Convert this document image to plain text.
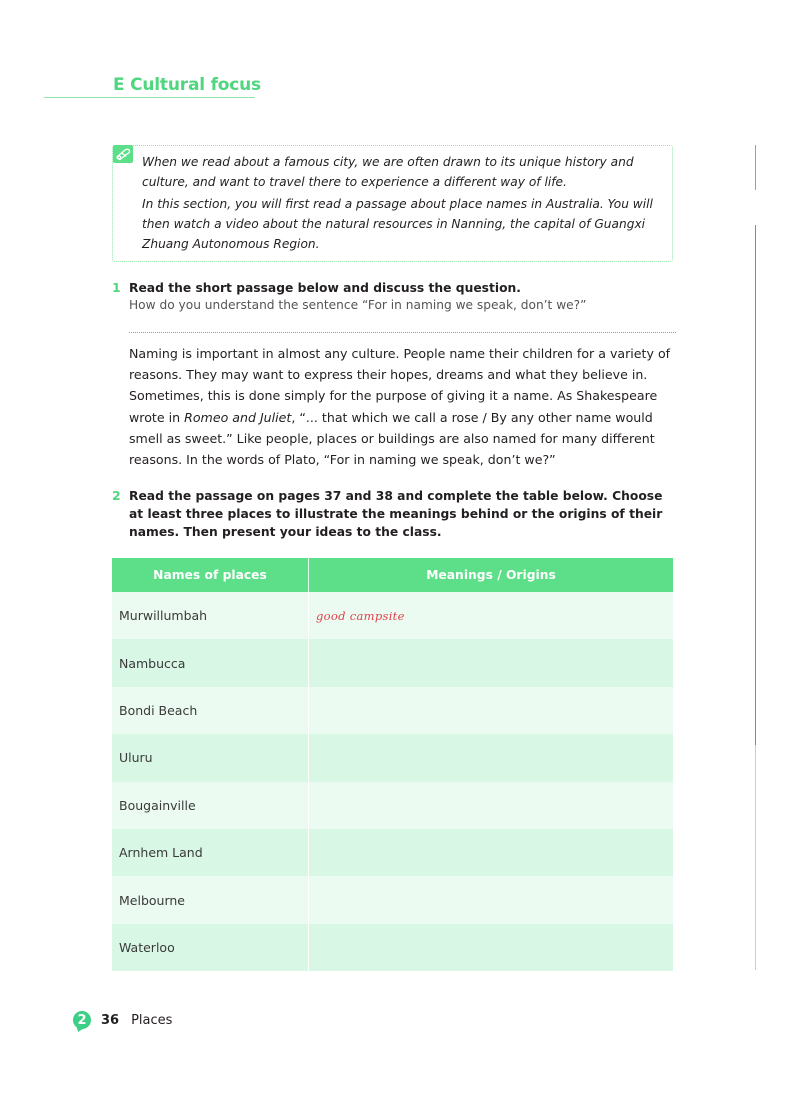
E Cultural focus

When we read about a famous city, we are often drawn to its unique history and culture, and want to travel there to experience a different way of life.

In this section, you will first read a passage about place names in Australia. You will then watch a video about the natural resources in Nanning, the capital of Guangxi Zhuang Autonomous Region.

1 Read the short passage below and discuss the question.
How do you understand the sentence “For in naming we speak, don’t we?”

Naming is important in almost any culture. People name their children for a variety of reasons. They may want to express their hopes, dreams and what they believe in. Sometimes, this is done simply for the purpose of giving it a name. As Shakespeare wrote in Romeo and Juliet, “... that which we call a rose / By any other name would smell as sweet.” Like people, places or buildings are also named for many different reasons. In the words of Plato, “For in naming we speak, don’t we?”

2 Read the passage on pages 37 and 38 and complete the table below. Choose at least three places to illustrate the meanings behind or the origins of their names. Then present your ideas to the class.
Names of places	Meanings / Origins
Murwillumbah	good campsite
Nambucca	
Bondi Beach	
Uluru	
Bougainville	
Arnhem Land	
Melbourne	
Waterloo	
2 36 Places
